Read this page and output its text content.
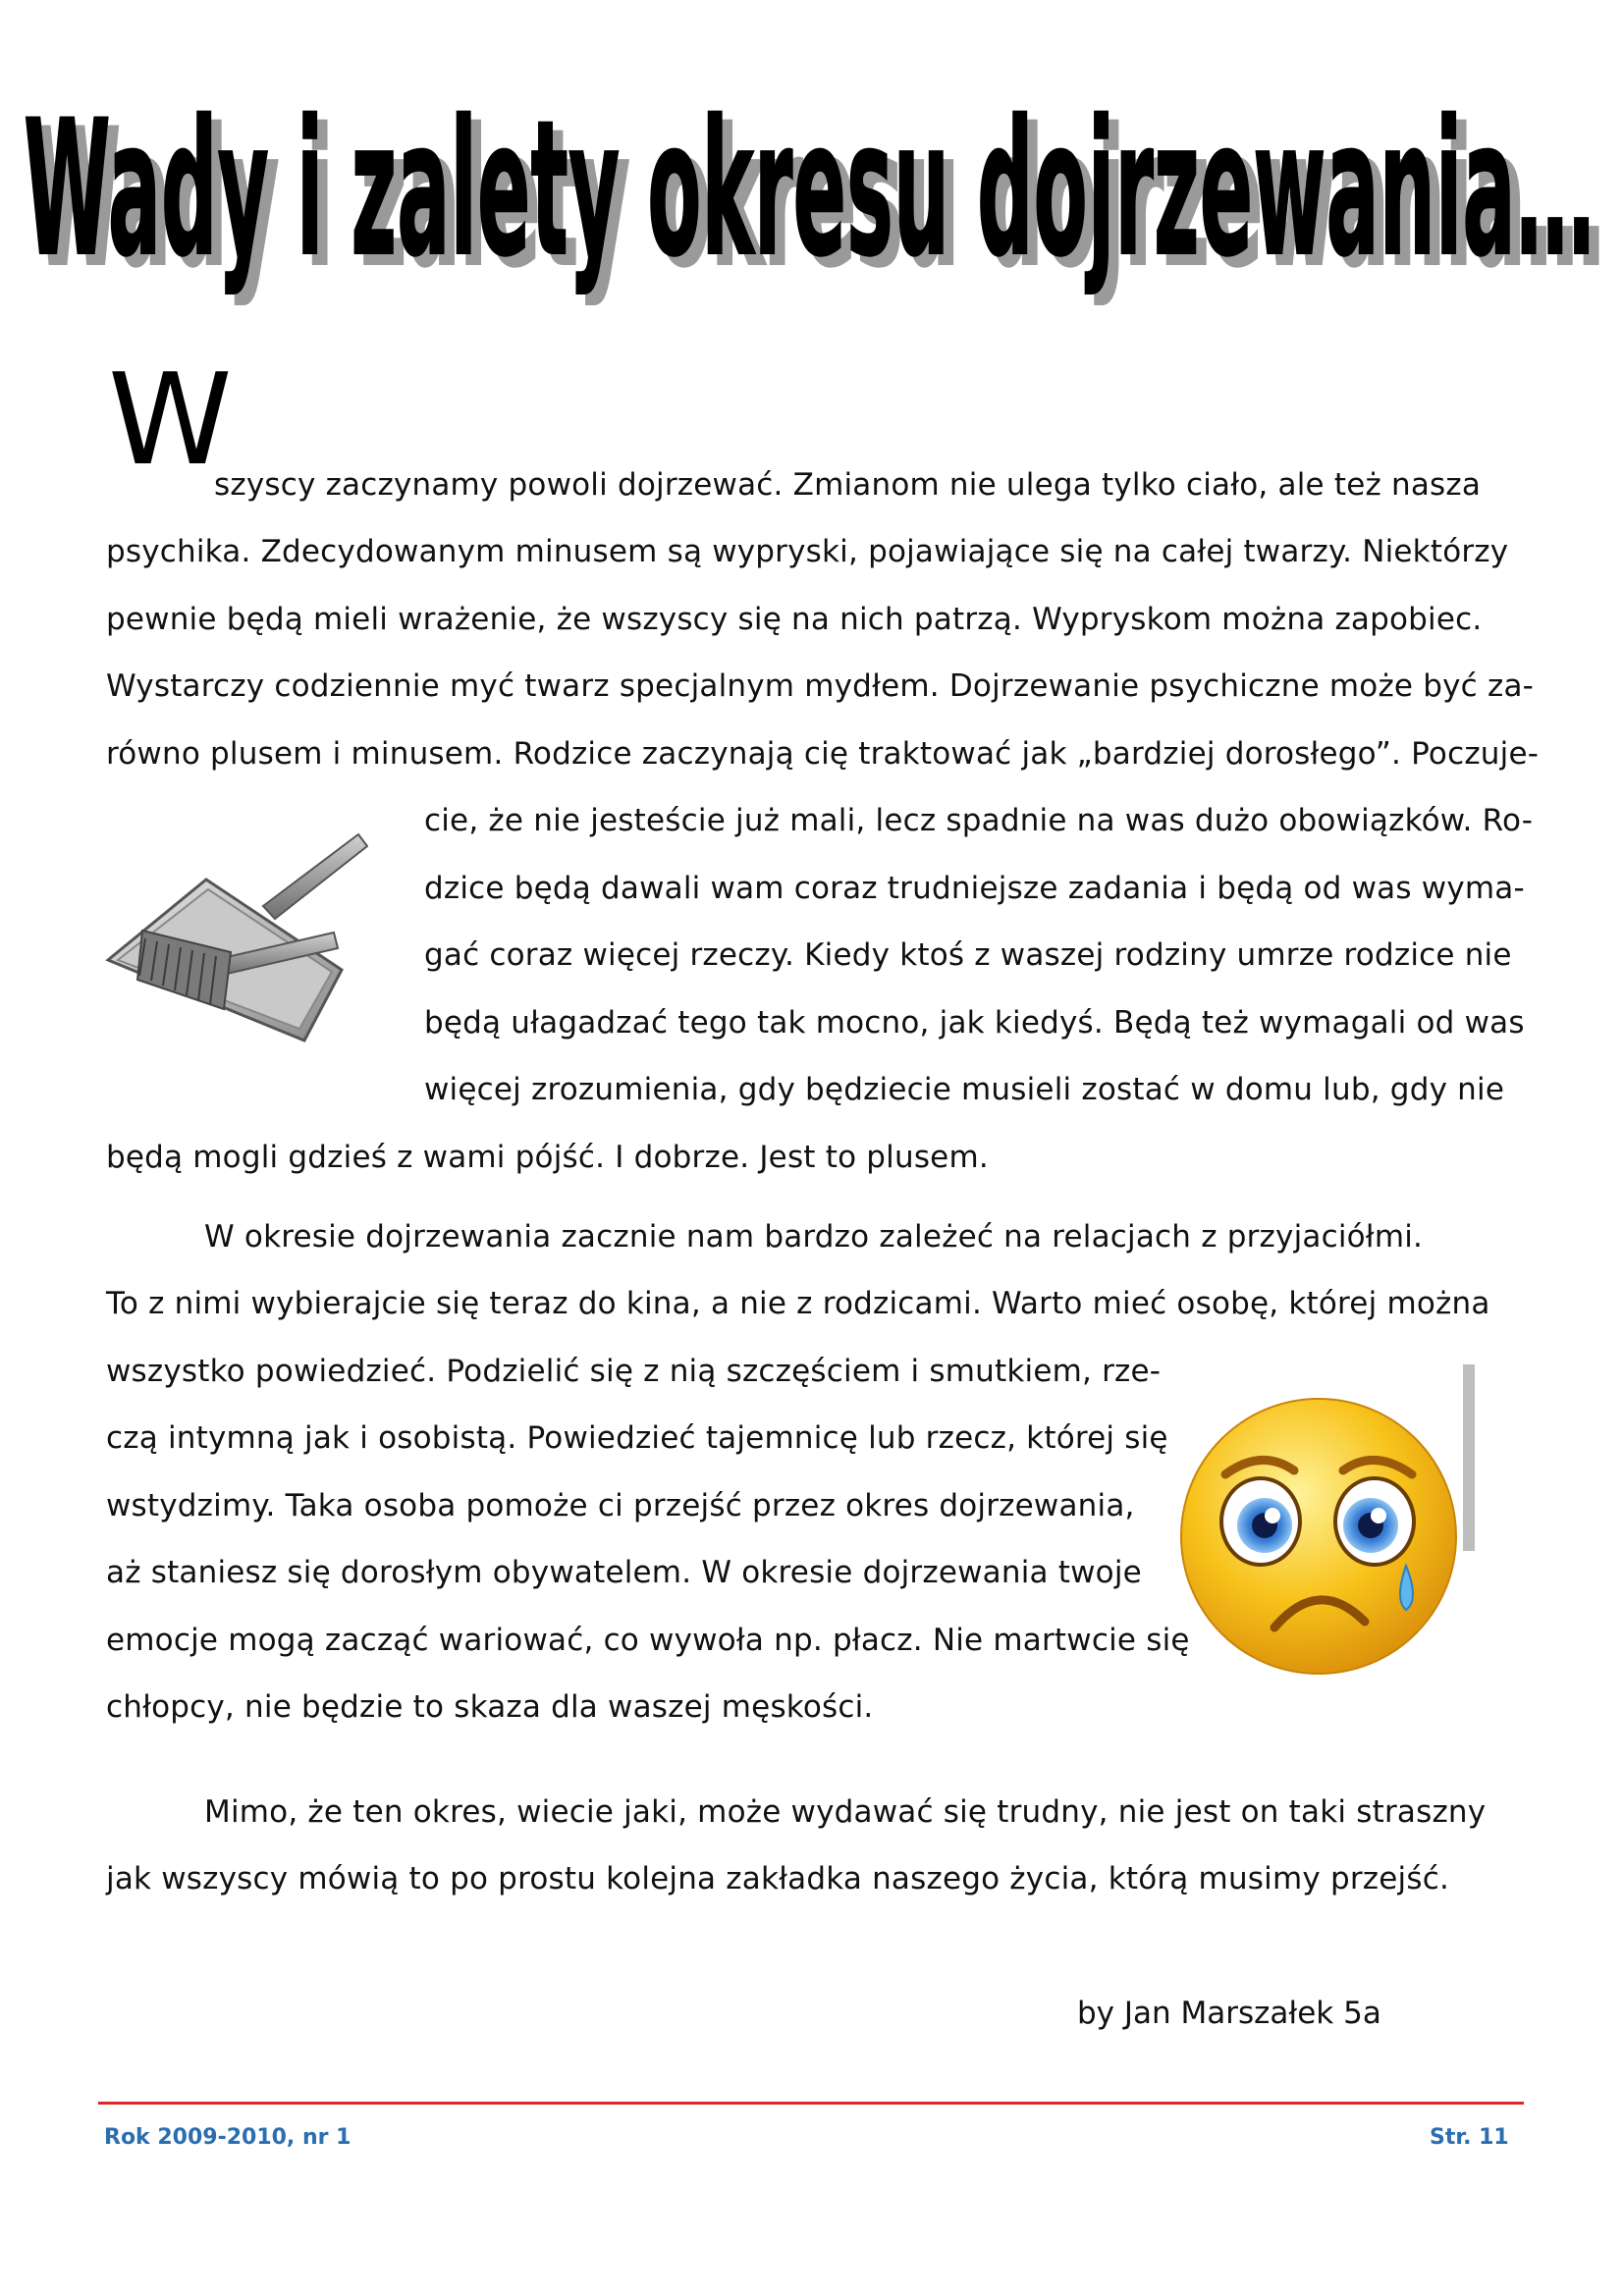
Wady i zalety okresu dojrzewania…
Wady i zalety okresu dojrzewania…
W
szyscy zaczynamy powoli dojrzewać. Zmianom nie ulega tylko ciało, ale też nasza
psychika. Zdecydowanym minusem są wypryski, pojawiające się na całej twarzy. Niektórzy
pewnie będą mieli wrażenie, że wszyscy się na nich patrzą. Wypryskom można zapobiec.
Wystarczy codziennie myć twarz specjalnym mydłem. Dojrzewanie psychiczne może być za-
równo plusem i minusem. Rodzice zaczynają cię traktować jak „bardziej dorosłego”. Poczuje-
cie, że nie jesteście już mali, lecz spadnie na was dużo obowiązków. Ro-
dzice będą dawali wam coraz trudniejsze zadania i będą od was wyma-
gać coraz więcej rzeczy. Kiedy ktoś z waszej rodziny umrze rodzice nie
będą ułagadzać tego tak mocno, jak kiedyś. Będą też wymagali od was
więcej zrozumienia, gdy będziecie musieli zostać w domu lub, gdy nie
będą mogli gdzieś z wami pójść. I dobrze. Jest to plusem.
W okresie dojrzewania zacznie nam bardzo zależeć na relacjach z przyjaciółmi.
To z nimi wybierajcie się teraz do kina, a nie z rodzicami. Warto mieć osobę, której można
wszystko powiedzieć. Podzielić się z nią szczęściem i smutkiem, rze-
czą intymną jak i osobistą. Powiedzieć tajemnicę lub rzecz, której się
wstydzimy. Taka osoba pomoże ci przejść przez okres dojrzewania,
aż staniesz się dorosłym obywatelem. W okresie dojrzewania twoje
emocje mogą zacząć wariować, co wywoła np. płacz. Nie martwcie się
chłopcy, nie będzie to skaza dla waszej męskości.
Mimo, że ten okres, wiecie jaki, może wydawać się trudny, nie jest on taki straszny
jak wszyscy mówią to po prostu kolejna zakładka naszego życia, którą musimy przejść.
by Jan Marszałek 5a
Rok 2009-2010, nr 1	Str. 11
